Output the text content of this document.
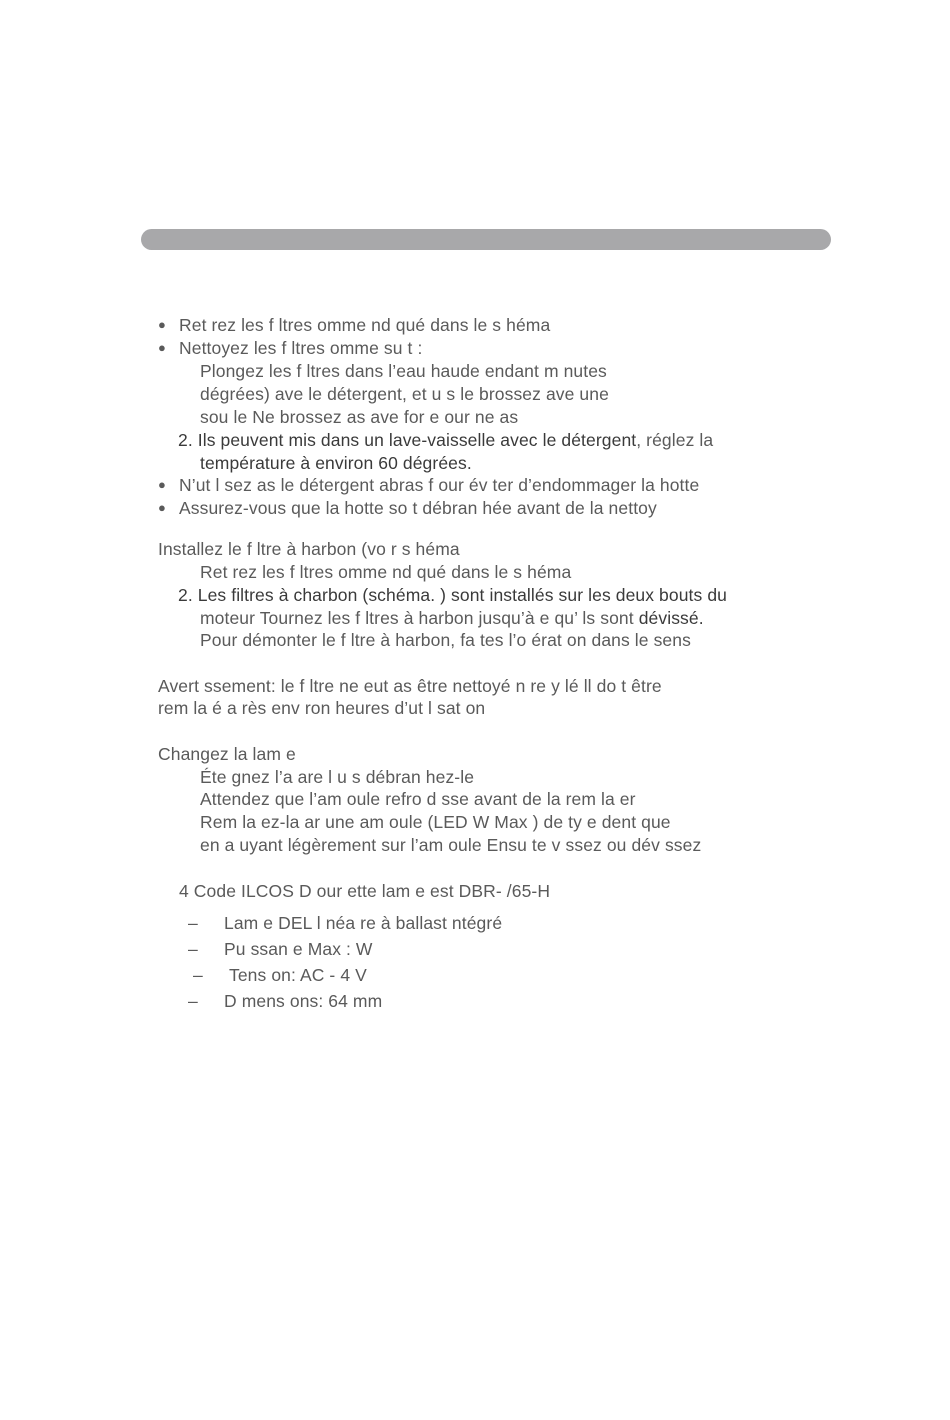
● Ret rez les f ltres omme nd qué dans le s héma
● Nettoyez les f ltres omme su t :
Plongez les f ltres dans l’eau haude endant m nutes
dégrées) ave le détergent, et u s le brossez ave une
sou le Ne brossez as ave for e our ne as
2. Ils peuvent mis dans un lave-vaisselle avec le détergent, réglez la
température à environ 60 dégrées.
● N’ut l sez as le détergent abras f our év ter d’endommager la hotte
● Assurez-vous que la hotte so t débran hée avant de la nettoy
Installez le f ltre à harbon (vo r s héma
Ret rez les f ltres omme nd qué dans le s héma
2. Les filtres à charbon (schéma. ) sont installés sur les deux bouts du
moteur Tournez les f ltres à harbon jusqu’à e qu’ ls sont dévissé.
Pour démonter le f ltre à harbon, fa tes l’o érat on dans le sens
Avert ssement: le f ltre ne eut as être nettoyé n re y lé ll do t être
rem la é a rès env ron heures d’ut l sat on
Changez la lam e
Éte gnez l’a are l u s débran hez-le
Attendez que l’am oule refro d sse avant de la rem la er
Rem la ez-la ar une am oule (LED W Max ) de ty e dent que
en a uyant légèrement sur l’am oule Ensu te v ssez ou dév ssez
4 Code ILCOS D our ette lam e est DBR- /65-H
– Lam e DEL l néa re à ballast ntégré
– Pu ssan e Max : W
– Tens on: AC - 4 V
– D mens ons: 64 mm
